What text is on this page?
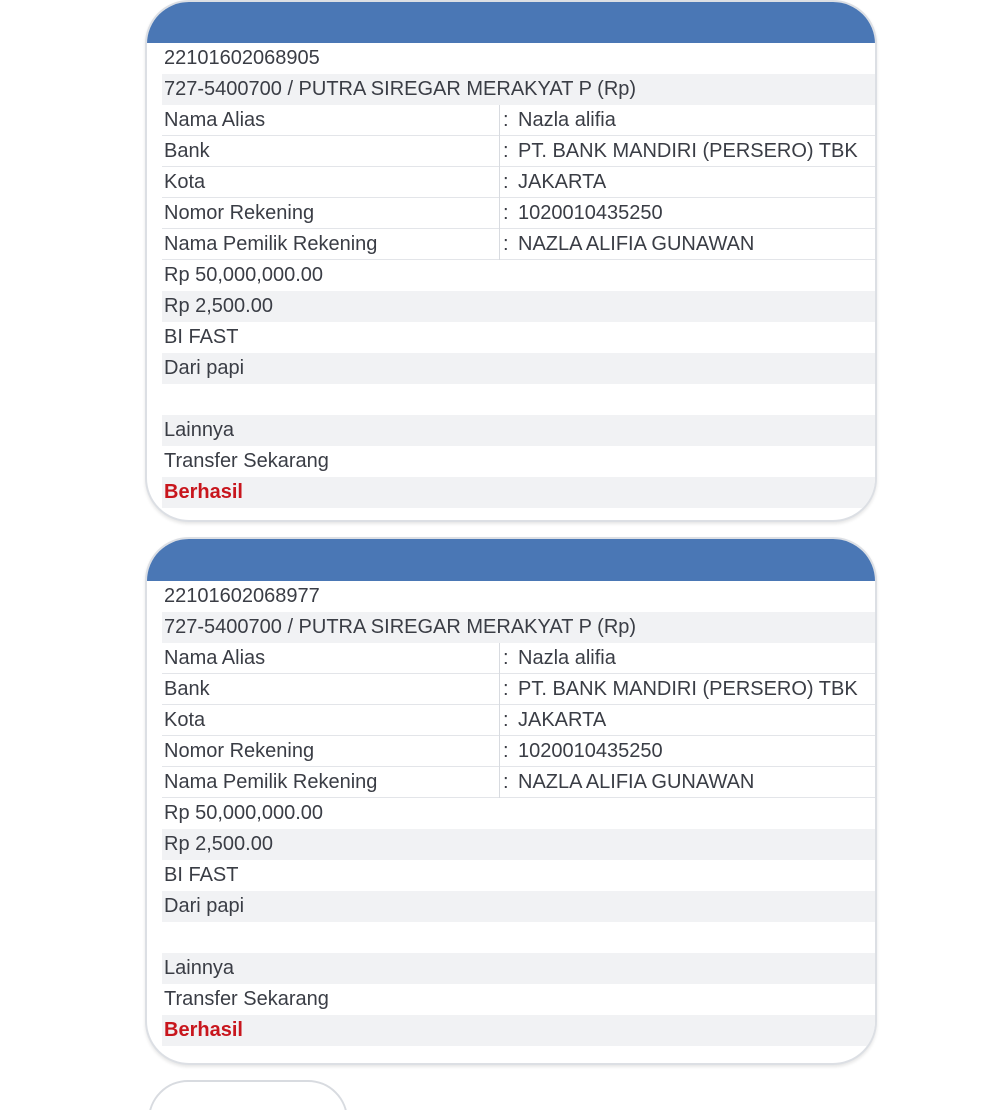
22101602068905
727-5400700 / PUTRA SIREGAR MERAKYAT P (Rp)
Nama Alias	: Nazla alifia
Bank	: PT. BANK MANDIRI (PERSERO) TBK
Kota	: JAKARTA
Nomor Rekening	: 1020010435250
Nama Pemilik Rekening	: NAZLA ALIFIA GUNAWAN
Rp 50,000,000.00
Rp 2,500.00
BI FAST
Dari papi
Lainnya
Transfer Sekarang
Berhasil
22101602068977
727-5400700 / PUTRA SIREGAR MERAKYAT P (Rp)
Nama Alias	: Nazla alifia
Bank	: PT. BANK MANDIRI (PERSERO) TBK
Kota	: JAKARTA
Nomor Rekening	: 1020010435250
Nama Pemilik Rekening	: NAZLA ALIFIA GUNAWAN
Rp 50,000,000.00
Rp 2,500.00
BI FAST
Dari papi
Lainnya
Transfer Sekarang
Berhasil
